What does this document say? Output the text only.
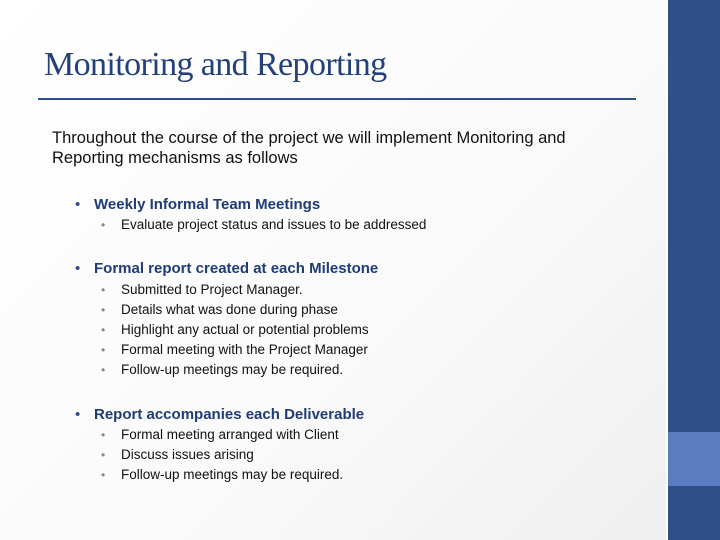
Monitoring and Reporting

Throughout the course of the project we will implement Monitoring and Reporting mechanisms as follows

• Weekly Informal Team Meetings
• Evaluate project status and issues to be addressed
• Formal report created at each Milestone
• Submitted to Project Manager.
• Details what was done during phase
• Highlight any actual or potential problems
• Formal meeting with the Project Manager
• Follow-up meetings may be required.
• Report accompanies each Deliverable
• Formal meeting arranged with Client
• Discuss issues arising
• Follow-up meetings may be required.
